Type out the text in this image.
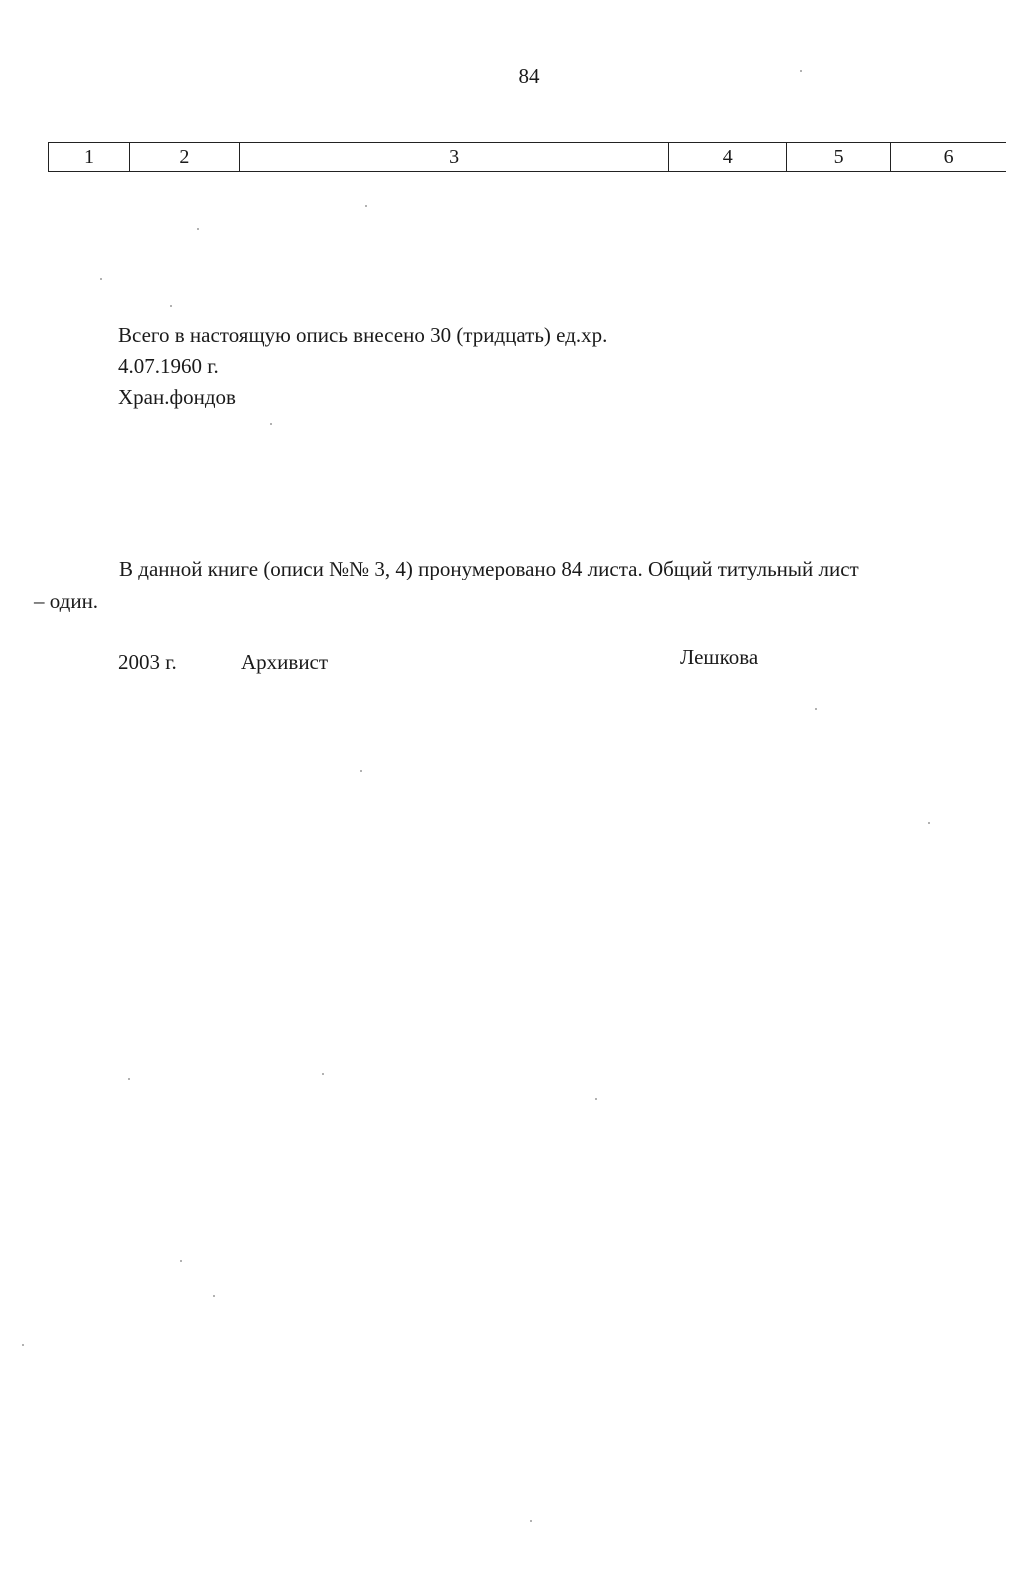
84
1	2	3	4	5	6
Всего в настоящую опись внесено 30 (тридцать) ед.хр.
4.07.1960 г.
Хран.фондов
В данной книге (описи №№ 3, 4) пронумеровано 84 листа. Общий титульный лист
– один.
2003 г.	Архивист	Лешкова
